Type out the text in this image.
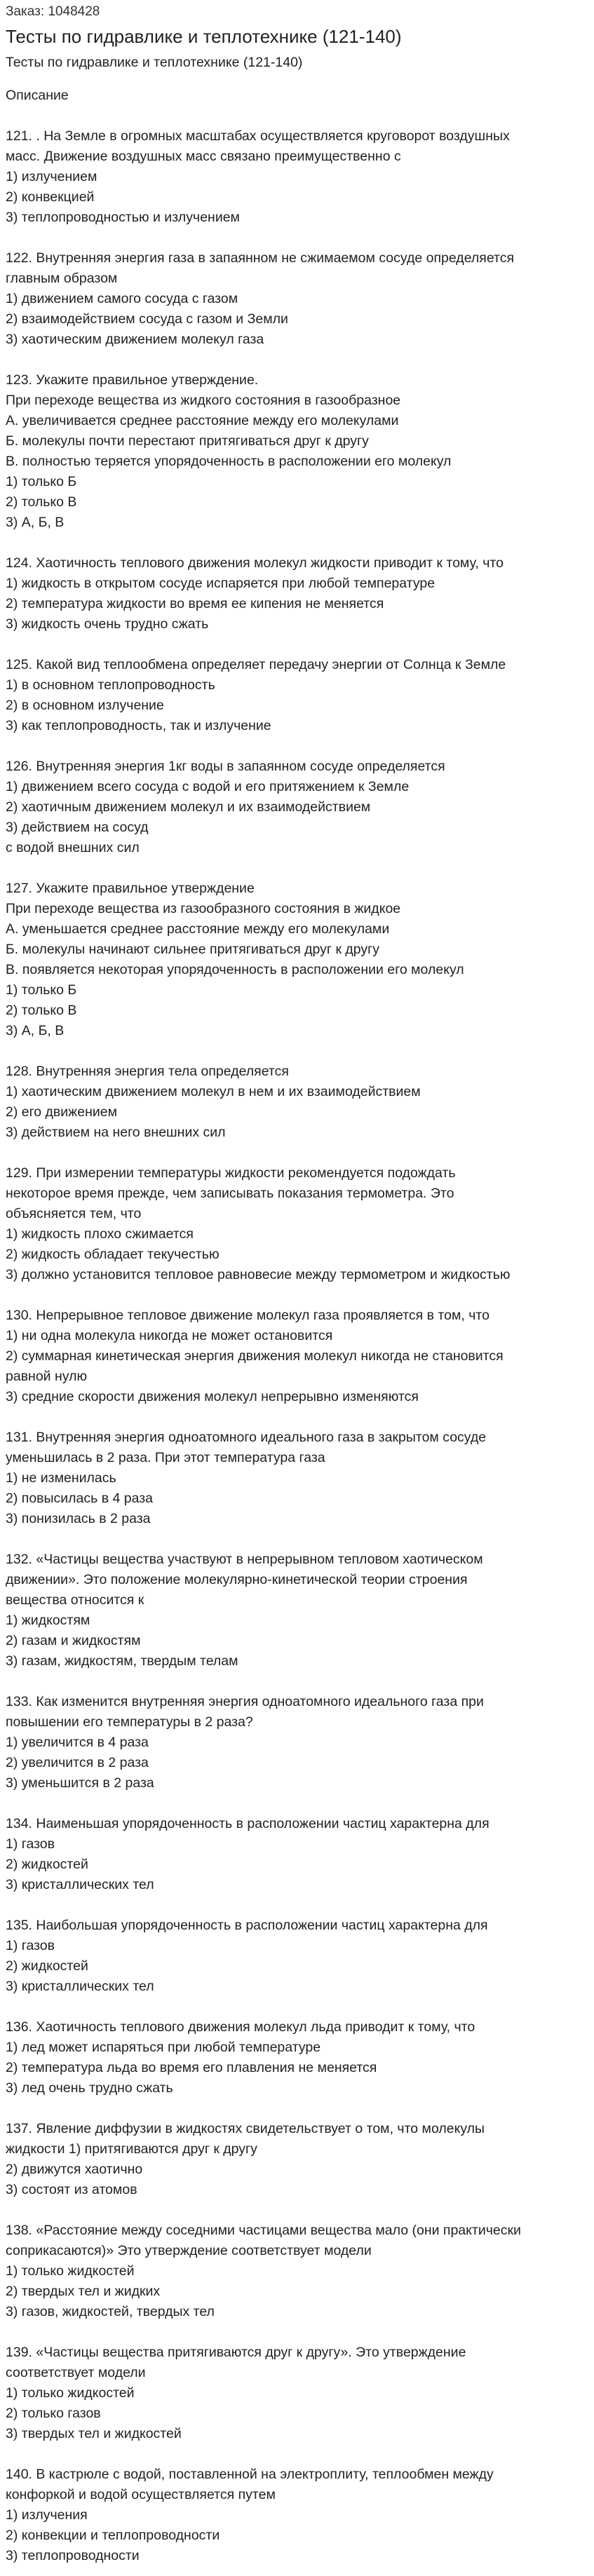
Заказ: 1048428
Тесты по гидравлике и теплотехнике (121-140)
Тесты по гидравлике и теплотехнике (121-140)
Описание
121. . На Земле в огромных масштабах осуществляется круговорот воздушных
масс. Движение воздушных масс связано преимущественно с
1) излучением
2) конвекцией
3) теплопроводностью и излучением
122. Внутренняя энергия газа в запаянном не сжимаемом сосуде определяется
главным образом
1) движением самого сосуда с газом
2) взаимодействием сосуда с газом и Земли
3) хаотическим движением молекул газа
123. Укажите правильное утверждение.
При переходе вещества из жидкого состояния в газообразное
А. увеличивается среднее расстояние между его молекулами
Б. молекулы почти перестают притягиваться друг к другу
В. полностью теряется упорядоченность в расположении его молекул
1) только Б
2) только В
3) А, Б, В
124. Хаотичность теплового движения молекул жидкости приводит к тому, что
1) жидкость в открытом сосуде испаряется при любой температуре
2) температура жидкости во время ее кипения не меняется
3) жидкость очень трудно сжать
125. Какой вид теплообмена определяет передачу энергии от Солнца к Земле
1) в основном теплопроводность
2) в основном излучение
3) как теплопроводность, так и излучение
126. Внутренняя энергия 1кг воды в запаянном сосуде определяется
1) движением всего сосуда с водой и его притяжением к Земле
2) хаотичным движением молекул и их взаимодействием
3) действием на сосуд
с водой внешних сил
127. Укажите правильное утверждение
При переходе вещества из газообразного состояния в жидкое
А. уменьшается среднее расстояние между его молекулами
Б. молекулы начинают сильнее притягиваться друг к другу
В. появляется некоторая упорядоченность в расположении его молекул
1) только Б
2) только В
3) А, Б, В
128. Внутренняя энергия тела определяется
1) хаотическим движением молекул в нем и их взаимодействием
2) его движением
3) действием на него внешних сил
129. При измерении температуры жидкости рекомендуется подождать
некоторое время прежде, чем записывать показания термометра. Это
объясняется тем, что
1) жидкость плохо сжимается
2) жидкость обладает текучестью
3) должно установится тепловое равновесие между термометром и жидкостью
130. Непрерывное тепловое движение молекул газа проявляется в том, что
1) ни одна молекула никогда не может остановится
2) суммарная кинетическая энергия движения молекул никогда не становится
равной нулю
3) средние скорости движения молекул непрерывно изменяются
131. Внутренняя энергия одноатомного идеального газа в закрытом сосуде
уменьшилась в 2 раза. При этот температура газа
1) не изменилась
2) повысилась в 4 раза
3) понизилась в 2 раза
132. «Частицы вещества участвуют в непрерывном тепловом хаотическом
движении». Это положение молекулярно-кинетической теории строения
вещества относится к
1) жидкостям
2) газам и жидкостям
3) газам, жидкостям, твердым телам
133. Как изменится внутренняя энергия одноатомного идеального газа при
повышении его температуры в 2 раза?
1) увеличится в 4 раза
2) увеличится в 2 раза
3) уменьшится в 2 раза
134. Наименьшая упорядоченность в расположении частиц характерна для
1) газов
2) жидкостей
3) кристаллических тел
135. Наибольшая упорядоченность в расположении частиц характерна для
1) газов
2) жидкостей
3) кристаллических тел
136. Хаотичность теплового движения молекул льда приводит к тому, что
1) лед может испаряться при любой температуре
2) температура льда во время его плавления не меняется
3) лед очень трудно сжать
137. Явление диффузии в жидкостях свидетельствует о том, что молекулы
жидкости 1) притягиваются друг к другу
2) движутся хаотично
3) состоят из атомов
138. «Расстояние между соседними частицами вещества мало (они практически
соприкасаются)» Это утверждение соответствует модели
1) только жидкостей
2) твердых тел и жидких
3) газов, жидкостей, твердых тел
139. «Частицы вещества притягиваются друг к другу». Это утверждение
соответствует модели
1) только жидкостей
2) только газов
3) твердых тел и жидкостей
140. В кастрюле с водой, поставленной на электроплиту, теплообмен между
конфоркой и водой осуществляется путем
1) излучения
2) конвекции и теплопроводности
3) теплопроводности
